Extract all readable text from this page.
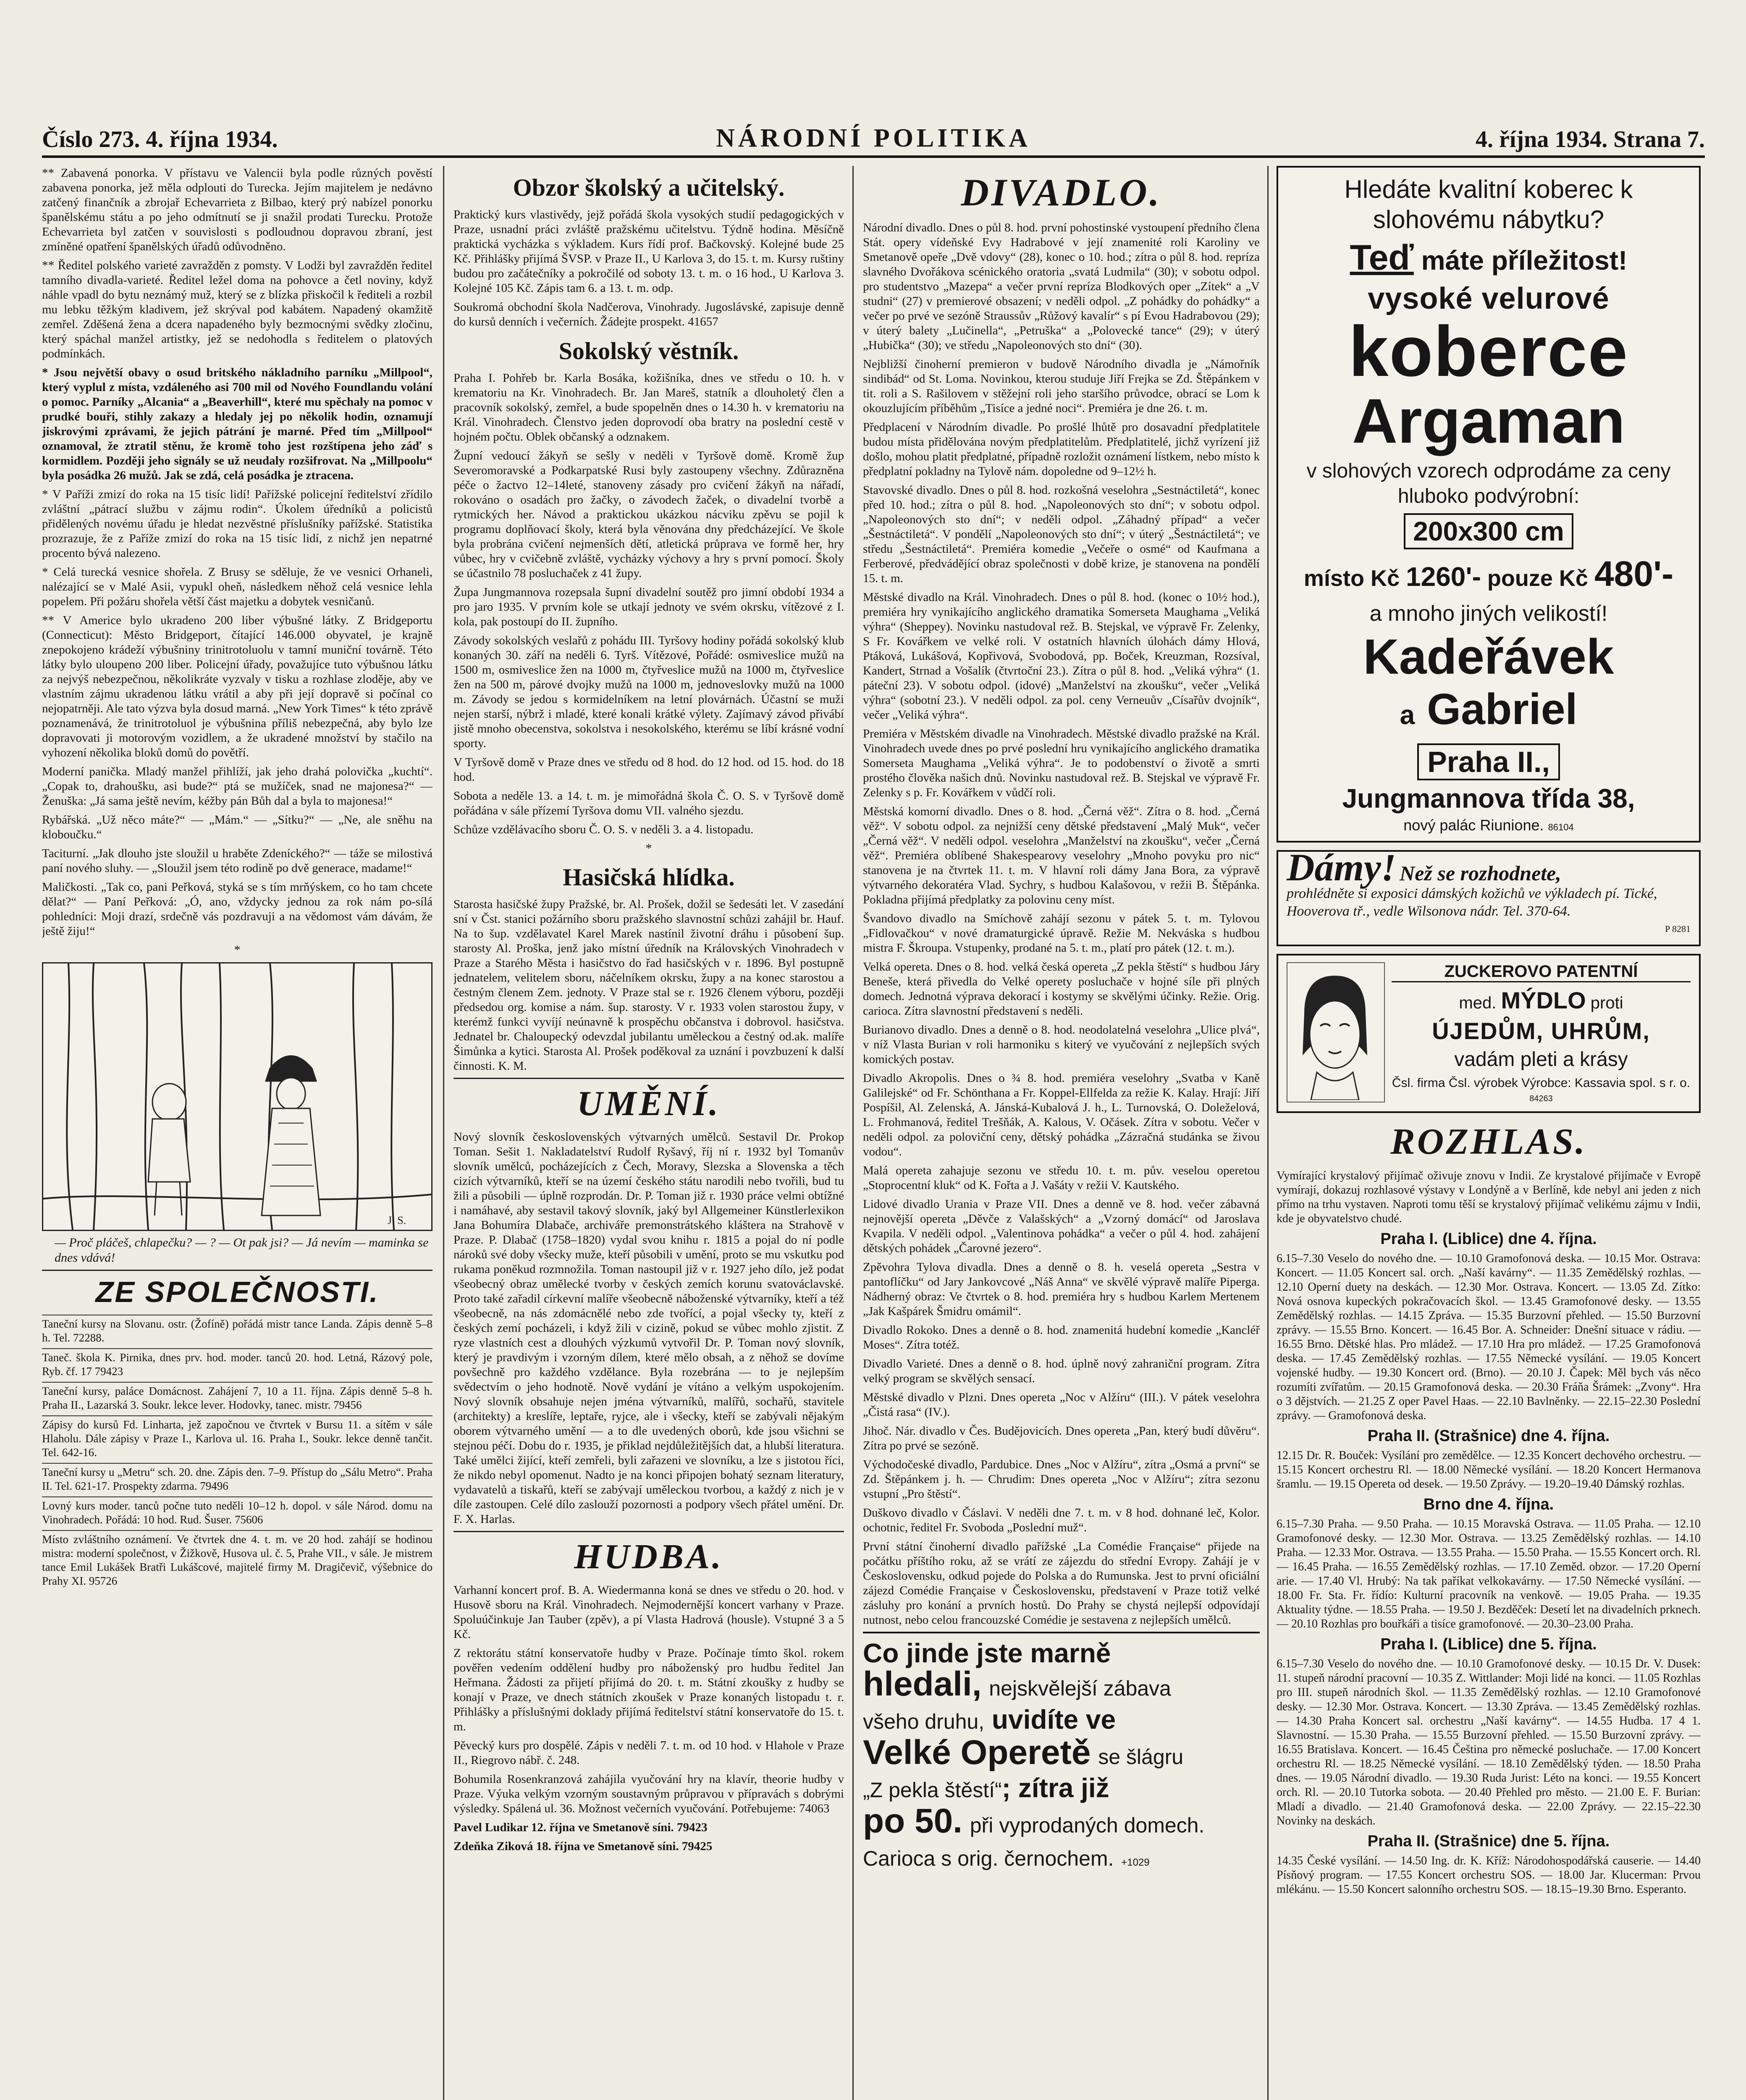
Číslo 273. 4. října 1934.	NÁRODNÍ POLITIKA	4. října 1934. Strana 7.

** Zabavená ponorka. V přístavu ve Valencii byla podle různých pověstí zabavena ponorka, jež měla odplouti do Turecka. Jejím majitelem je nedávno zatčený finančník a zbrojař Echevarrieta z Bilbao, který prý nabízel ponorku španělskému státu a po jeho odmítnutí se ji snažil prodati Turecku. Protože Echevarrieta byl zatčen v souvislosti s podloudnou dopravou zbraní, jest zmíněné opatření španělských úřadů odůvodněno.

** Ředitel polského varieté zavražděn z pomsty. V Lodži byl zavražděn ředitel tamního divadla-varieté. Ředitel ležel doma na pohovce a četl noviny, když náhle vpadl do bytu neznámý muž, který se z blízka přiskočil k řediteli a rozbil mu lebku těžkým kladivem, jež skrýval pod kabátem. Napadený okamžitě zemřel. Zděšená žena a dcera napadeného byly bezmocnými svědky zločinu, který spáchal manžel artistky, jež se nedohodla s ředitelem o platových podmínkách.

* Jsou největší obavy o osud britského nákladního parníku „Millpool“, který vyplul z místa, vzdáleného asi 700 mil od Nového Foundlandu volání o pomoc. Parníky „Alcania“ a „Beaverhill“, které mu spěchaly na pomoc v prudké bouři, stihly zakazy a hledaly jej po několik hodin, oznamují jiskrovými zprávami, že jejich pátrání je marné. Před tím „Millpool“ oznamoval, že ztratil stěnu, že kromě toho jest rozštípena jeho záď s kormidlem. Později jeho signály se už neudaly rozšifrovat. Na „Millpoolu“ byla posádka 26 mužů. Jak se zdá, celá posádka je ztracena.

* V Paříži zmizí do roka na 15 tisíc lidí! Pařížské policejní ředitelství zřídilo zvláštní „pátrací službu v zájmu rodin“. Úkolem úředníků a policistů přidělených novému úřadu je hledat nezvěstné příslušníky pařížské. Statistika prozrazuje, že z Paříže zmizí do roka na 15 tisíc lidí, z nichž jen nepatrné procento bývá nalezeno.

* Celá turecká vesnice shořela. Z Brusy se sděluje, že ve vesnici Orhaneli, nalézající se v Malé Asii, vypukl oheň, následkem něhož celá vesnice lehla popelem. Při požáru shořela větší část majetku a dobytek vesničanů.

** V Americe bylo ukradeno 200 liber výbušné látky. Z Bridgeportu (Connecticut): Město Bridgeport, čítající 146.000 obyvatel, je krajně znepokojeno krádeží výbušniny trinitrotoluolu v tamní muniční továrně. Této látky bylo uloupeno 200 liber. Policejní úřady, považujíce tuto výbušnou látku za nejvýš nebezpečnou, několikráte vyzvaly v tisku a rozhlase zloděje, aby ve vlastním zájmu ukradenou látku vrátil a aby při její dopravě si počínal co nejopatrněji. Ale tato výzva byla dosud marná. „New York Times“ k této zprávě poznamenává, že trinitrotoluol je výbušnina příliš nebezpečná, aby bylo lze dopravovati ji motorovým vozidlem, a že ukradené množství by stačilo na vyhození několika bloků domů do povětří.

Moderní panička. Mladý manžel přihlíží, jak jeho drahá polovička „kuchtí“. „Copak to, drahoušku, asi bude?“ ptá se mužíček, snad ne majonesa?“ — Ženuška: „Já sama ještě nevím, kéžby pán Bůh dal a byla to majonesa!“

Rybářská. „Už něco máte?“ — „Mám.“ — „Sítku?“ — „Ne, ale sněhu na kloboučku.“

Taciturní. „Jak dlouho jste sloužil u hraběte Zdeníckého?“ — táže se milostivá paní nového sluhy. — „Sloužil jsem této rodině po dvě generace, madame!“

Maličkosti. „Tak co, pani Peřková, styká se s tím mrňýskem, co ho tam chcete dělat?“ — Paní Peřková: „Ó, ano, vždycky jednou za rok nám po-sílá pohledníci: Moji drazí, srdečně vás pozdravuji a na vědomost vám dávám, že ještě žiju!“

*
J. S.
— Proč pláčeš, chlapečku? — ? — Ot pak jsi? — Já nevím — maminka se dnes vdává!
ZE SPOLEČNOSTI.
Taneční kursy na Slovanu. ostr. (Žofíně) pořádá mistr tance Landa. Zápis denně 5–8 h. Tel. 72288.
Taneč. škola K. Pirnika, dnes prv. hod. moder. tanců 20. hod. Letná, Rázový pole, Ryb. čf. 17 79423
Taneční kursy, paláce Domácnost. Zahájení 7, 10 a 11. října. Zápis denně 5–8 h. Praha II., Lazarská 3. Soukr. lekce lever. Hodovky, tanec. mistr. 79456
Zápisy do kursů Fd. Linharta, jež započnou ve čtvrtek v Bursu 11. a sítěm v sále Hlaholu. Dále zápisy v Praze I., Karlova ul. 16. Praha I., Soukr. lekce denně tančit. Tel. 642-16.
Taneční kursy u „Metru“ sch. 20. dne. Zápis den. 7–9. Přístup do „Sálu Metro“. Praha II. Tel. 621-17. Prospekty zdarma. 79496
Lovný kurs moder. tanců počne tuto neděli 10–12 h. dopol. v sále Národ. domu na Vinohradech. Pořádá: 10 hod. Rud. Šuser. 75606
Místo zvláštního oznámení. Ve čtvrtek dne 4. t. m. ve 20 hod. zahájí se hodinou mistra: moderní společnost, v Žižkově, Husova ul. č. 5, Prahe VII., v sále. Je mistrem tance Emil Lukášek Bratři Lukášcové, majitelé firmy M. Dragičevič, výšebnice do Prahy XI. 95726
Obzor školský a učitelský.

Praktický kurs vlastivědy, jejž pořádá škola vysokých studií pedagogických v Praze, usnadní práci zvláště pražskému učitelstvu. Týdně hodina. Měsíčně praktická vycházka s výkladem. Kurs řídí prof. Bačkovský. Kolejné bude 25 Kč. Přihlášky přijímá ŠVSP. v Praze II., U Karlova 3, do 15. t. m. Kursy ruštiny budou pro začátečníky a pokročilé od soboty 13. t. m. o 16 hod., U Karlova 3. Kolejné 105 Kč. Zápis tam 6. a 13. t. m. odp.

Soukromá obchodní škola Nadčerova, Vinohrady. Jugoslávské, zapisuje denně do kursů denních i večerních. Žádejte prospekt. 41657

Sokolský věstník.

Praha I. Pohřeb br. Karla Bosáka, kožišníka, dnes ve středu o 10. h. v krematoriu na Kr. Vinohradech. Br. Jan Mareš, statník a dlouholetý člen a pracovník sokolský, zemřel, a bude spopelněn dnes o 14.30 h. v krematoriu na Král. Vinohradech. Členstvo jeden doprovodí oba bratry na poslední cestě v hojném počtu. Oblek občanský a odznakem.

Župní vedoucí žákyň se sešly v neděli v Tyršově domě. Kromě žup Severomoravské a Podkarpatské Rusi byly zastoupeny všechny. Zdůrazněna péče o žactvo 12–14leté, stanoveny zásady pro cvičení žákyň na nářadí, rokováno o osadách pro žačky, o závodech žaček, o divadelní tvorbě a rytmických her. Návod a praktickou ukázkou nácviku zpěvu se pojil k programu doplňovací školy, která byla věnována dny předcházející. Ve škole byla probrána cvičení nejmenších dětí, atletická průprava ve formě her, hry vůbec, hry v cvičebně zvláště, vycházky výchovy a hry s první pomocí. Školy se účastnilo 78 posluchaček z 41 župy.

Župa Jungmannova rozepsala šupní divadelní soutěž pro jimní období 1934 a pro jaro 1935. V prvním kole se utkají jednoty ve svém okrsku, vítězové z I. kola, pak postoupí do II. župního.

Závody sokolských veslařů z pohádu III. Tyršovy hodiny pořádá sokolský klub konaných 30. září na neděli 6. Tyrš. Vítězové, Pořádé: osmiveslice mužů na 1500 m, osmiveslice žen na 1000 m, čtyřveslice mužů na 1000 m, čtyřveslice žen na 500 m, párové dvojky mužů na 1000 m, jednoveslovky mužů na 1000 m. Závody se jedou s kormidelníkem na letní plovárnách. Účastní se muži nejen starší, nýbrž i mladé, které konali krátké výlety. Zajímavý závod přivábí jistě mnoho obecenstva, sokolstva i nesokolského, kterému se líbí krásné vodní sporty.

V Tyršově domě v Praze dnes ve středu od 8 hod. do 12 hod. od 15. hod. do 18 hod.

Sobota a neděle 13. a 14. t. m. je mimořádná škola Č. O. S. v Tyršově domě pořádána v sále přízemí Tyršova domu VII. valného sjezdu.

Schůze vzdělávacího sboru Č. O. S. v neděli 3. a 4. listopadu.

*
Hasičská hlídka.

Starosta hasičské župy Pražské, br. Al. Prošek, dožil se šedesáti let. V zasedání sní v Čst. stanici požárního sboru pražského slavnostní schůzi zahájil br. Hauf. Na to šup. vzdělavatel Karel Marek nastínil životní dráhu i působení šup. starosty Al. Proška, jenž jako místní úředník na Královských Vinohradech v Praze a Starého Města i hasičstvo do řad hasičských v r. 1896. Byl postupně jednatelem, velitelem sboru, náčelníkem okrsku, župy a na konec starostou a čestným členem Zem. jednoty. V Praze stal se r. 1926 členem výboru, později předsedou org. komise a nám. šup. starosty. V r. 1933 volen starostou župy, v kterémž funkci vyvíjí neúnavně k prospěchu občanstva i dobrovol. hasičstva. Jednatel br. Chaloupecký odevzdal jubilantu uměleckou a čestný od.ak. malíře Šimůnka a kytici. Starosta Al. Prošek poděkoval za uznání i povzbuzení k další činnosti. K. M.

UMĚNÍ.

Nový slovník československých výtvarných umělců. Sestavil Dr. Prokop Toman. Sešit 1. Nakladatelství Rudolf Ryšavý, říj ní r. 1932 byl Tomanův slovník umělců, pocházejících z Čech, Moravy, Slezska a Slovenska a těch cizích výtvarníků, kteří se na území českého státu narodili nebo tvořili, bud tu žili a působili — úplně rozprodán. Dr. P. Toman již r. 1930 práce velmi obtížné i namáhavé, aby sestavil takový slovník, jaký byl Allgemeiner Künstlerlexikon Jana Bohumíra Dlabače, archiváře premonstrátského kláštera na Strahově v Praze. P. Dlabač (1758–1820) vydal svou knihu r. 1815 a pojal do ní podle nároků své doby všecky muže, kteří působili v umění, proto se mu vskutku pod rukama poněkud rozmnožila. Toman nastoupil již v r. 1927 jeho dílo, jež podat všeobecný obraz umělecké tvorby v českých zemích korunu svatováclavské. Proto také zařadil církevní malíře všeobecně náboženské výtvarníky, kteří a též všeobecně, na nás zdomácnělé nebo zde tvořící, a pojal všecky ty, kteří z českých zemí pocházeli, i když žili v cizině, pokud se vůbec mohlo zjistit. Z ryze vlastních cest a dlouhých výzkumů vytvořil Dr. P. Toman nový slovník, který je pravdivým i vzorným dílem, které mělo obsah, a z něhož se dovíme povšechně pro každého vzdělance. Byla rozebrána — to je nejlepším svědectvím o jeho hodnotě. Nově vydání je vítáno a velkým uspokojením. Nový slovník obsahuje nejen jména výtvarníků, malířů, sochařů, stavitele (architekty) a kreslíře, leptaře, ryjce, ale i všecky, kteří se zabývali nějakým oborem výtvarného umění — a to dle uvedených oborů, kde jsou všichni se stejnou péčí. Dobu do r. 1935, je přiklad nejdůležitějších dat, a hlubší literatura. Také umělci žijící, kteří zemřeli, byli zařazeni ve slovníku, a lze s jistotou říci, že nikdo nebyl opomenut. Nadto je na konci připojen bohatý seznam literatury, vydavatelů a tiskařů, kteří se zabývají uměleckou tvorbou, a každý z nich je v díle zastoupen. Celé dílo zaslouží pozornosti a podpory všech přátel umění. Dr. F. X. Harlas.

HUDBA.

Varhanní koncert prof. B. A. Wiedermanna koná se dnes ve středu o 20. hod. v Husově sboru na Král. Vinohradech. Nejmodernější koncert varhany v Praze. Spoluúčinkuje Jan Tauber (zpěv), a pí Vlasta Hadrová (housle). Vstupné 3 a 5 Kč.

Z rektorátu státní konservatoře hudby v Praze. Počínaje tímto škol. rokem pověřen vedením oddělení hudby pro náboženský pro hudbu ředitel Jan Heřmana. Žádosti za přijetí přijímá do 20. t. m. Státní zkoušky z hudby se konají v Praze, ve dnech státních zkoušek v Praze konaných listopadu t. r. Přihlášky a příslušnými doklady přijímá ředitelství státní konservatoře do 15. t. m.

Pěvecký kurs pro dospělé. Zápis v neděli 7. t. m. od 10 hod. v Hlahole v Praze II., Riegrovo nábř. č. 248.

Bohumila Rosenkranzová zahájila vyučování hry na klavír, theorie hudby v Praze. Výuka velkým vzorným soustavným průpravou v přípravách s dobrými výsledky. Spálená ul. 36. Možnost večerních vyučování. Potřebujeme: 74063

Pavel Ludikar 12. října ve Smetanově síni. 79423

Zdeňka Ziková 18. října ve Smetanově síni. 79425

DIVADLO.

Národní divadlo. Dnes o půl 8. hod. první pohostinské vystoupení předního člena Stát. opery vídeňské Evy Hadrabové v její znamenité roli Karoliny ve Smetanově opeře „Dvě vdovy“ (28), konec o 10. hod.; zítra o půl 8. hod. repríza slavného Dvořákova scénického oratoria „svatá Ludmila“ (30); v sobotu odpol. pro studentstvo „Mazepa“ a večer první repríza Blodkových oper „Zítek“ a „V studni“ (27) v premierové obsazení; v neděli odpol. „Z pohádky do pohádky“ a večer po prvé ve sezóně Straussův „Růžový kavalír“ s pí Evou Hadrabovou (29); v úterý balety „Lučinella“, „Petruška“ a „Polovecké tance“ (29); v úterý „Hubička“ (30); ve středu „Napoleonových sto dní“ (30).

Nejbližší činoherní premieron v budově Národního divadla je „Námořník sindibád“ od St. Loma. Novinkou, kterou studuje Jiří Frejka se Zd. Štěpánkem v tit. roli a S. Rašilovem v stěžejní roli jeho staršího průvodce, obrací se Lom k okouzlujícím příběhům „Tisíce a jedné noci“. Premiéra je dne 26. t. m.

Předplacení v Národním divadle. Po prošlé lhůtě pro dosavadní předplatitele budou místa přidělována novým předplatitelům. Předplatitelé, jichž vyrízení již došlo, mohou platit předplatné, případně rozložit oznámení lístkem, nebo místo k předplatní pokladny na Tylově nám. dopoledne od 9–12½ h.

Stavovské divadlo. Dnes o půl 8. hod. rozkošná veselohra „Sestnáctiletá“, konec před 10. hod.; zítra o půl 8. hod. „Napoleonových sto dní“; v sobotu odpol. „Napoleonových sto dní“; v neděli odpol. „Záhadný případ“ a večer „Šestnáctiletá“. V pondělí „Napoleonových sto dní“; v úterý „Šestnáctiletá“; ve středu „Šestnáctiletá“. Premiéra komedie „Večeře o osmé“ od Kaufmana a Ferberové, předvádějící obraz společnosti v době krize, je stanovena na pondělí 15. t. m.

Městské divadlo na Král. Vinohradech. Dnes o půl 8. hod. (konec o 10½ hod.), premiéra hry vynikajícího anglického dramatika Somerseta Maughama „Veliká výhra“ (Sheppey). Novinku nastudoval rež. B. Stejskal, ve výpravě Fr. Zelenky, S Fr. Kovářkem ve velké roli. V ostatních hlavních úlohách dámy Hlová, Ptáková, Lukášová, Kopřivová, Svobodová, pp. Boček, Kreuzman, Rozsíval, Kandert, Strnad a Vošalík (čtvrtoční 23.). Zítra o půl 8. hod. „Veliká výhra“ (1. páteční 23). V sobotu odpol. (idové) „Manželství na zkoušku“, večer „Veliká výhra“ (sobotní 23.). V neděli odpol. za pol. ceny Verneuův „Císařův dvojník“, večer „Veliká výhra“.

Premiéra v Městském divadle na Vinohradech. Městské divadlo pražské na Král. Vinohradech uvede dnes po prvé poslední hru vynikajícího anglického dramatika Somerseta Maughama „Veliká výhra“. Je to podobenství o životě a smrti prostého člověka našich dnů. Novinku nastudoval rež. B. Stejskal ve výpravě Fr. Zelenky s p. Fr. Kovářkem v vůdčí roli.

Městská komorní divadlo. Dnes o 8. hod. „Černá věž“. Zítra o 8. hod. „Černá věž“. V sobotu odpol. za nejnižší ceny dětské představení „Malý Muk“, večer „Černá věž“. V neděli odpol. veselohra „Manželství na zkoušku“, večer „Černá věž“. Premiéra oblíbené Shakespearovy veselohry „Mnoho povyku pro nic“ stanovena je na čtvrtek 11. t. m. V hlavní roli dámy Jana Bora, za výpravě výtvarného dekoratéra Vlad. Sychry, s hudbou Kalašovou, v režii B. Štěpánka. Pokladna přijímá předplatky za polovinu ceny míst.

Švandovo divadlo na Smíchově zahájí sezonu v pátek 5. t. m. Tylovou „Fidlovačkou“ v nové dramaturgické úpravě. Režie M. Nekváska s hudbou mistra F. Škroupa. Vstupenky, prodané na 5. t. m., platí pro pátek (12. t. m.).

Velká opereta. Dnes o 8. hod. velká česká opereta „Z pekla štěstí“ s hudbou Járy Beneše, která přivedla do Velké operety posluchače v hojné síle při plných domech. Jednotná výprava dekorací i kostymy se skvělými účinky. Režie. Orig. carioca. Zítra slavnostní představení s neděli.

Burianovo divadlo. Dnes a denně o 8. hod. neodolatelná veselohra „Ulice plvá“, v níž Vlasta Burian v roli harmoniku s kiterý ve vyučování z nejlepších svých komických postav.

Divadlo Akropolis. Dnes o ¾ 8. hod. premiéra veselohry „Svatba v Kaně Galilejské“ od Fr. Schönthana a Fr. Koppel-Ellfelda za režie K. Kalay. Hrají: Jiří Pospíšil, Al. Zelenská, A. Jánská-Kubalová J. h., L. Turnovská, O. Doleželová, L. Frohmanová, ředitel Trešňák, A. Kalous, V. Očásek. Zítra v sobotu. Večer v neděli odpol. za poloviční ceny, dětský pohádka „Zázračná studánka se živou vodou“.

Malá opereta zahajuje sezonu ve středu 10. t. m. pův. veselou operetou „Stoprocentní kluk“ od K. Fořta a J. Vašáty v režii V. Kautského.

Lidové divadlo Urania v Praze VII. Dnes a denně ve 8. hod. večer zábavná nejnovější opereta „Děvče z Valašských“ a „Vzorný domácí“ od Jaroslava Kvapila. V neděli odpol. „Valentinova pohádka“ a večer o půl 4. hod. zahájení dětských pohádek „Čarovné jezero“.

Zpěvohra Tylova divadla. Dnes a denně o 8. h. veselá opereta „Sestra v pantoflíčku“ od Jary Jankovcové „Náš Anna“ ve skvělé výpravě malíře Piperga. Nádherný obraz: Ve čtvrtek o 8. hod. premiéra hry s hudbou Karlem Mertenem „Jak Kašpárek Šmidru omámil“.

Divadlo Rokoko. Dnes a denně o 8. hod. znamenitá hudební komedie „Kancléř Moses“. Zítra totéž.

Divadlo Varieté. Dnes a denně o 8. hod. úplně nový zahraniční program. Zítra velký program se skvělých sensací.

Městské divadlo v Plzni. Dnes opereta „Noc v Alžíru“ (III.). V pátek veselohra „Čistá rasa“ (IV.).

Jihoč. Nár. divadlo v Čes. Budějovicích. Dnes opereta „Pan, který budí důvěru“. Zítra po prvé se sezóně.

Východočeské divadlo, Pardubice. Dnes „Noc v Alžíru“, zítra „Osmá a první“ se Zd. Štěpánkem j. h. — Chrudim: Dnes opereta „Noc v Alžíru“; zítra sezonu vstupní „Pro štěstí“.

Duškovo divadlo v Čáslavi. V neděli dne 7. t. m. v 8 hod. dohnané leč, Kolor. ochotnic, ředitel Fr. Svoboda „Poslední muž“.

První státní činoherní divadlo pařížské „La Comédie Française“ přijede na počátku příštího roku, až se vrátí ze zájezdu do střední Evropy. Zahájí je v Československu, odkud pojede do Polska a do Rumunska. Jest to první oficiální zájezd Comédie Française v Československu, představení v Praze totiž velké zásluhy pro konání a prvních hostů. Do Prahy se chystá nejlepší odpovídají nutnost, nebo celou francouzské Comédie je sestavena z nejlepších umělců.

Co jinde jste marně
hledali, nejskvělejší zábava
všeho druhu, uvidíte ve
Velké Operetě se šlágru
„Z pekla štěstí“; zítra již
po 50. při vyprodaných domech.
Carioca s orig. černochem. +1029
Hledáte kvalitní koberec k slohovému nábytku?
Teď máte příležitost!
vysoké velurové
koberce
Argaman
v slohových vzorech odprodáme za ceny hluboko podvýrobní:
200x300 cm
místo Kč 1260'- pouze Kč 480'-
a mnoho jiných velikostí!
Kadeřávek
a Gabriel
Praha II.,
Jungmannova třída 38,
nový palác Riunione. 86104
Dámy! Než se rozhodnete,
prohlédněte si exposici dámských kožichů ve výkladech pí. Tické, Hooverova tř., vedle Wilsonova nádr. Tel. 370-64.
P 8281
ZUCKEROVO PATENTNÍ
med. MÝDLO proti
ÚJEDŮM, UHRŮM,
vadám pleti a krásy
Čsl. firma Čsl. výrobek Výrobce: Kassavia spol. s r. o. 84263
ROZHLAS.

Vymírající krystalový přijímač oživuje znovu v Indii. Ze krystalové přijímače v Evropě vymírají, dokazuj rozhlasové výstavy v Londýně a v Berlíně, kde nebyl ani jeden z nich přímo na trhu vystaven. Naproti tomu těší se krystalový přijímač velikému zájmu v Indii, kde je obyvatelstvo chudé.

Praha I. (Liblice) dne 4. října.

6.15–7.30 Veselo do nového dne. — 10.10 Gramofonová deska. — 10.15 Mor. Ostrava: Koncert. — 11.05 Koncert sal. orch. „Naší kavárny“. — 11.35 Zemědělský rozhlas. — 12.10 Operní duety na deskách. — 12.30 Mor. Ostrava. Koncert. — 13.05 Zd. Zítko: Nová osnova kupeckých pokračovacích škol. — 13.45 Gramofonové desky. — 13.55 Zemědělský rozhlas. — 14.15 Zpráva. — 15.35 Burzovní přehled. — 15.50 Burzovní zprávy. — 15.55 Brno. Koncert. — 16.45 Bor. A. Schneider: Dnešní situace v rádiu. — 16.55 Brno. Dětské hlas. Pro mládež. — 17.10 Hra pro mládež. — 17.25 Gramofonová deska. — 17.45 Zemědělský rozhlas. — 17.55 Německé vysílání. — 19.05 Koncert vojenské hudby. — 19.30 Koncert ord. (Brno). — 20.10 J. Čapek: Měl bych vás něco rozumíti zvířatům. — 20.15 Gramofonová deska. — 20.30 Fráňa Šrámek: „Zvony“. Hra o 3 dějstvích. — 21.25 Z oper Pavel Haas. — 22.10 Bavlněnky. — 22.15–22.30 Poslední zprávy. — Gramofonová deska.

Praha II. (Strašnice) dne 4. října.

12.15 Dr. R. Bouček: Vysílání pro zemědělce. — 12.35 Koncert dechového orchestru. — 15.15 Koncert orchestru Rl. — 18.00 Německé vysílání. — 18.20 Koncert Hermanova šramlu. — 19.15 Opereta od desek. — 19.50 Zprávy. — 19.20–19.40 Dámský rozhlas.

Brno dne 4. října.

6.15–7.30 Praha. — 9.50 Praha. — 10.15 Moravská Ostrava. — 11.05 Praha. — 12.10 Gramofonové desky. — 12.30 Mor. Ostrava. — 13.25 Zemědělský rozhlas. — 14.10 Praha. — 12.33 Mor. Ostrava. — 13.55 Praha. — 15.50 Praha. — 15.55 Koncert orch. Rl. — 16.45 Praha. — 16.55 Zemědělský rozhlas. — 17.10 Zeměd. obzor. — 17.20 Operní arie. — 17.40 Vl. Hrubý: Na tak paříkat velkokavárny. — 17.50 Německé vysílání. — 18.00 Fr. Sta. Fr. řídío: Kulturní pracovník na venkově. — 19.05 Praha. — 19.35 Aktuality týdne. — 18.55 Praha. — 19.50 J. Bezděček: Desetí let na divadelních prknech. — 20.10 Rozhlas pro bouřkáři a tisíce gramofonové. — 20.30–23.00 Praha.

Praha I. (Liblice) dne 5. října.

6.15–7.30 Veselo do nového dne. — 10.10 Gramofonové desky. — 10.15 Dr. V. Dusek: 11. stupeň národní pracovní — 10.35 Z. Wittlander: Moji lidé na konci. — 11.05 Rozhlas pro III. stupeň národních škol. — 11.35 Zemědělský rozhlas. — 12.10 Gramofonové desky. — 12.30 Mor. Ostrava. Koncert. — 13.30 Zpráva. — 13.45 Zemědělský rozhlas. — 14.30 Praha Koncert sal. orchestru „Naší kavárny“. — 14.55 Hudba. 17 4 1. Slavnostní. — 15.30 Praha. — 15.55 Burzovní přehled. — 15.50 Burzovní zprávy. — 16.55 Bratislava. Koncert. — 16.45 Čeština pro německé posluchače. — 17.00 Koncert orchestru Rl. — 18.25 Německé vysílání. — 18.10 Zemědělský týden. — 18.50 Praha dnes. — 19.05 Národní divadlo. — 19.30 Ruda Jurist: Léto na konci. — 19.55 Koncert orch. Rl. — 20.10 Tutorka sobota. — 20.40 Přehled pro město. — 21.00 E. F. Burian: Mladí a divadlo. — 21.40 Gramofonová deska. — 22.00 Zprávy. — 22.15–22.30 Novinky na deskách.

Praha II. (Strašnice) dne 5. října.

14.35 České vysílání. — 14.50 Ing. dr. K. Kříž: Národohospodářská causerie. — 14.40 Písňový program. — 17.55 Koncert orchestru SOS. — 18.00 Jar. Klucerman: Prvou mlékánu. — 15.50 Koncert salonního orchestru SOS. — 18.15–19.30 Brno. Esperanto.
